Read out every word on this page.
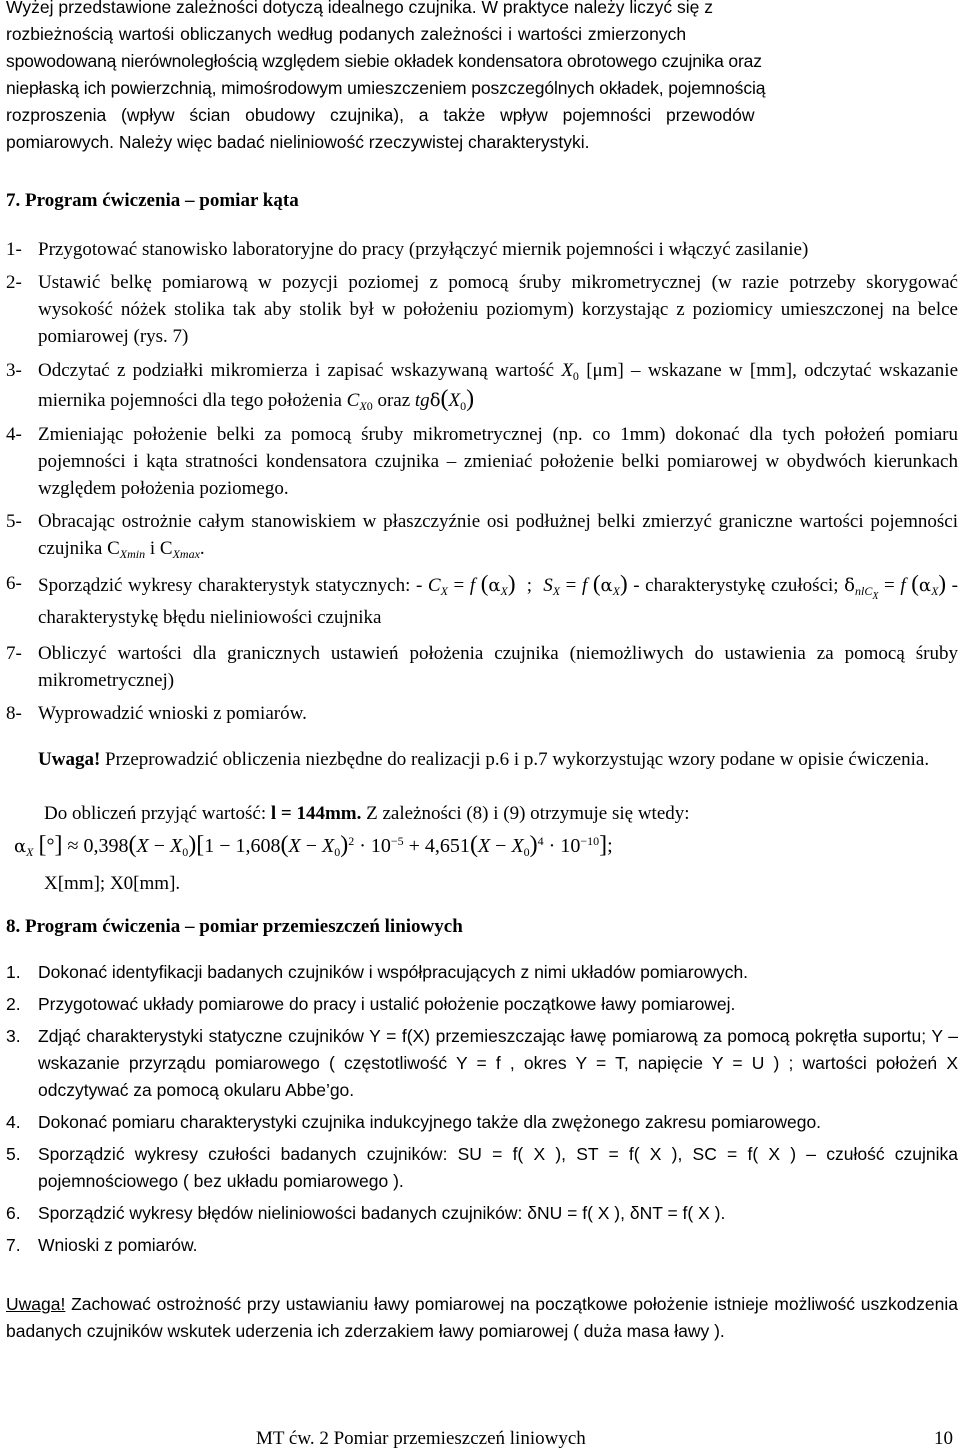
Wyżej przedstawione zależności dotyczą idealnego czujnika. W praktyce należy liczyć się z

rozbieżnością wartośi obliczanych według podanych zależności i wartości zmierzonych

spowodowaną nierównoległością względem siebie okładek kondensatora obrotowego czujnika oraz

niepłaską ich powierzchnią, mimośrodowym umieszczeniem poszczególnych okładek, pojemnością

rozproszenia (wpływ ścian obudowy czujnika), a także wpływ pojemności przewodów

pomiarowych. Należy więc badać nieliniowość rzeczywistej charakterystyki.

7. Program ćwiczenia – pomiar kąta
1- Przygotować stanowisko laboratoryjne do pracy (przyłączyć miernik pojemności i włączyć zasilanie)
2- Ustawić belkę pomiarową w pozycji poziomej z pomocą śruby mikrometrycznej (w razie potrzeby skorygować wysokość nóżek stolika tak aby stolik był w położeniu poziomym) korzystając z poziomicy umieszczonej na belce pomiarowej (rys. 7)
3- Odczytać z podziałki mikromierza i zapisać wskazywaną wartość $X_0$ [μm] – wskazane w [mm], odczytać wskazanie miernika pojemności dla tego położenia $C_{X0}$ oraz $tg\delta(X_0)$
4- Zmieniając położenie belki za pomocą śruby mikrometrycznej (np. co 1mm) dokonać dla tych położeń pomiaru pojemności i kąta stratności kondensatora czujnika – zmieniać położenie belki pomiarowej w obydwóch kierunkach względem położenia poziomego.
5- Obracając ostrożnie całym stanowiskiem w płaszczyźnie osi podłużnej belki zmierzyć graniczne wartości pojemności czujnika $C_{Xmin}$ i $C_{Xmax}$.
6- Sporządzić wykresy charakterystyk statycznych: - $C_X = f$ $(\alpha_X)$  ;  $S_X = f$ $(\alpha_X)$ - charakterystykę czułości; $\delta_{nlC_X} = f$ $(\alpha_X)$ - charakterystykę błędu nieliniowości czujnika
7- Obliczyć wartości dla granicznych ustawień położenia czujnika (niemożliwych do ustawienia za pomocą śruby mikrometrycznej)
8- Wyprowadzić wnioski z pomiarów.
Uwaga! Przeprowadzić obliczenia niezbędne do realizacji p.6 i p.7 wykorzystując wzory podane w opisie ćwiczenia.
Do obliczeń przyjąć wartość: l = 144mm. Z zależności (8) i (9) otrzymuje się wtedy:
$\alpha_X$ [°] ≈ $0,398(X - X_0)[1 - 1,608(X - X_0)^2 \cdot 10^{-5} + 4,651(X - X_0)^4 \cdot 10^{-10}]$;
X[mm]; X0[mm].
8. Program ćwiczenia – pomiar przemieszczeń liniowych
1. Dokonać identyfikacji badanych czujników i współpracujących z nimi układów pomiarowych.
2. Przygotować układy pomiarowe do pracy i ustalić położenie początkowe ławy pomiarowej.
3. Zdjąć charakterystyki statyczne czujników Y = f(X) przemieszczając ławę pomiarową za pomocą pokrętła suportu; Y – wskazanie przyrządu pomiarowego ( częstotliwość Y = f , okres Y = T, napięcie Y = U ) ; wartości położeń X odczytywać za pomocą okularu Abbe’go.
4. Dokonać pomiaru charakterystyki czujnika indukcyjnego także dla zwężonego zakresu pomiarowego.
5. Sporządzić wykresy czułości badanych czujników: SU = f( X ), ST = f( X ), SC = f( X ) – czułość czujnika pojemnościowego ( bez układu pomiarowego ).
6. Sporządzić wykresy błędów nieliniowości badanych czujników: δNU = f( X ), δNT = f( X ).
7. Wnioski z pomiarów.
Uwaga! Zachować ostrożność przy ustawianiu ławy pomiarowej na początkowe położenie istnieje możliwość uszkodzenia badanych czujników wskutek uderzenia ich zderzakiem ławy pomiarowej ( duża masa ławy ).
MT ćw. 2 Pomiar przemieszczeń liniowych	10
